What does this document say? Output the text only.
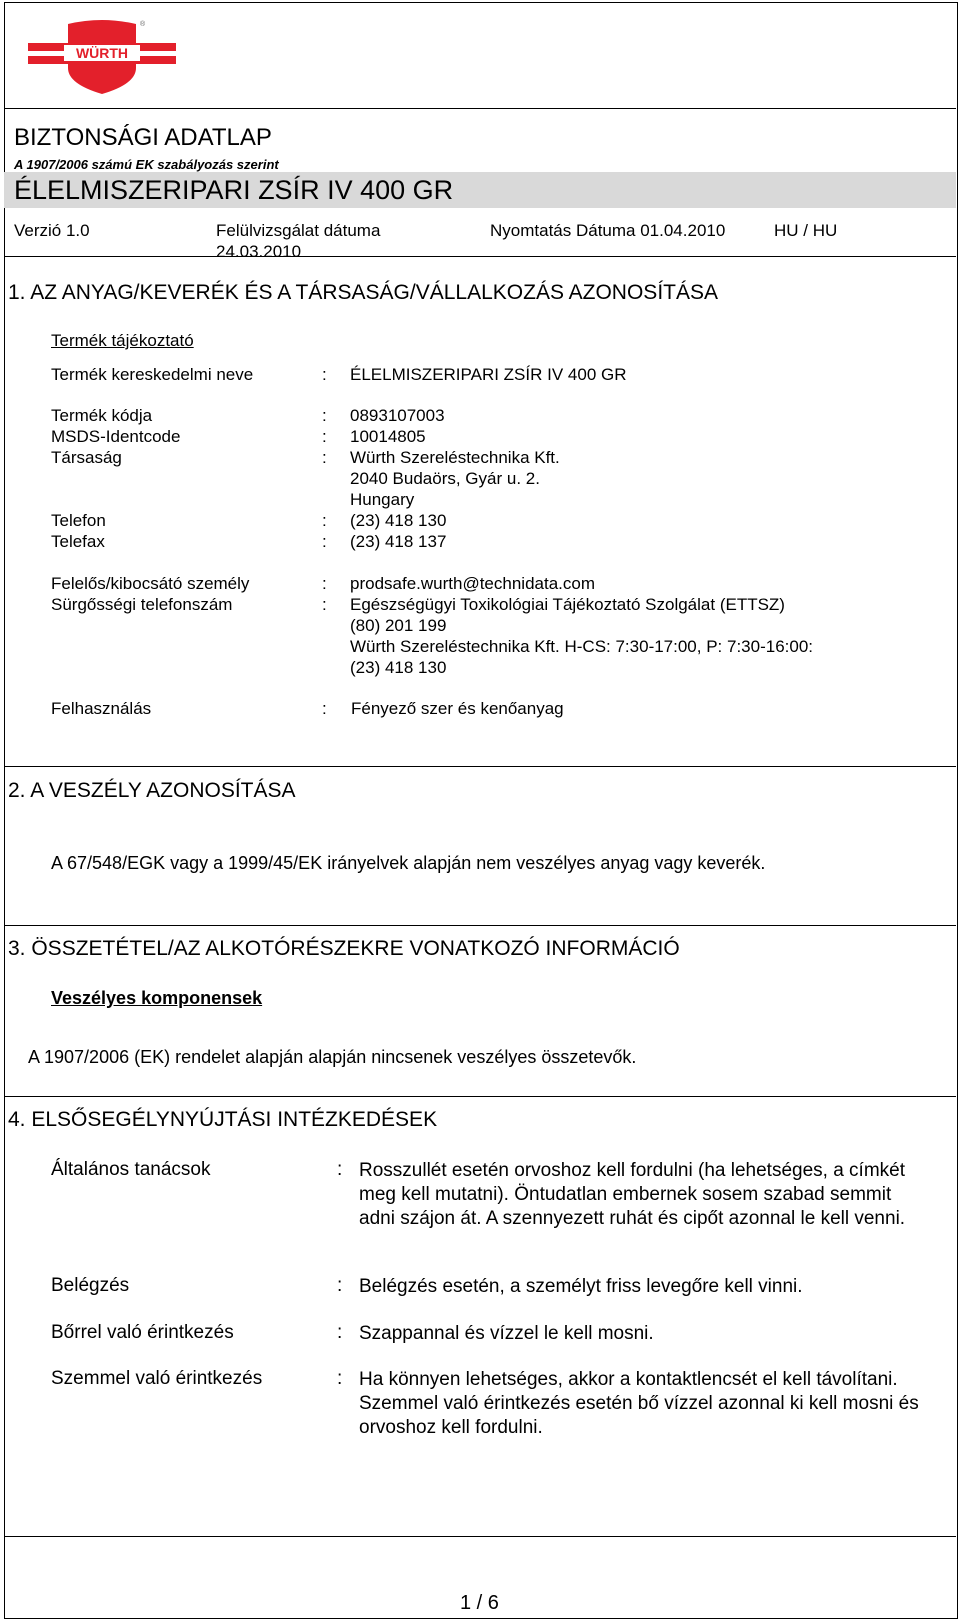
WÜRTH
®
BIZTONSÁGI ADATLAP
A 1907/2006 számú EK szabályozás szerint
ÉLELMISZERIPARI ZSÍR IV 400 GR
Verzió 1.0	Felülvizsgálat dátuma
24.03.2010
Nyomtatás Dátuma 01.04.2010	HU / HU
1. AZ ANYAG/KEVERÉK ÉS A TÁRSASÁG/VÁLLALKOZÁS AZONOSÍTÁSA
Termék tájékoztató
Termék kereskedelmi neve	: ÉLELMISZERIPARI ZSÍR IV 400 GR
Termék kódja	: 0893107003
MSDS-Identcode	: 10014805
Társaság	: Würth Szereléstechnika Kft.
2040 Budaörs, Gyár u. 2.
Hungary
Telefon	: (23) 418 130
Telefax	: (23) 418 137
Felelős/kibocsátó személy	: prodsafe.wurth@technidata.com
Sürgősségi telefonszám	: Egészségügyi Toxikológiai Tájékoztató Szolgálat (ETTSZ)
(80) 201 199
Würth Szereléstechnika Kft. H-CS: 7:30-17:00, P: 7:30-16:00:
(23) 418 130
Felhasználás	: Fényező szer és kenőanyag
2. A VESZÉLY AZONOSÍTÁSA
A 67/548/EGK vagy a 1999/45/EK irányelvek alapján nem veszélyes anyag vagy keverék.
3. ÖSSZETÉTEL/AZ ALKOTÓRÉSZEKRE VONATKOZÓ INFORMÁCIÓ
Veszélyes komponensek
A 1907/2006 (EK) rendelet alapján alapján nincsenek veszélyes összetevők.
4. ELSŐSEGÉLYNYÚJTÁSI INTÉZKEDÉSEK
Általános tanácsok	: Rosszullét esetén orvoshoz kell fordulni (ha lehetséges, a címkét meg kell mutatni). Öntudatlan embernek sosem szabad semmit adni szájon át. A szennyezett ruhát és cipőt azonnal le kell venni.
Belégzés	: Belégzés esetén, a személyt friss levegőre kell vinni.
Bőrrel való érintkezés	: Szappannal és vízzel le kell mosni.
Szemmel való érintkezés	: Ha könnyen lehetséges, akkor a kontaktlencsét el kell távolítani. Szemmel való érintkezés esetén bő vízzel azonnal ki kell mosni és orvoshoz kell fordulni.
1 / 6
